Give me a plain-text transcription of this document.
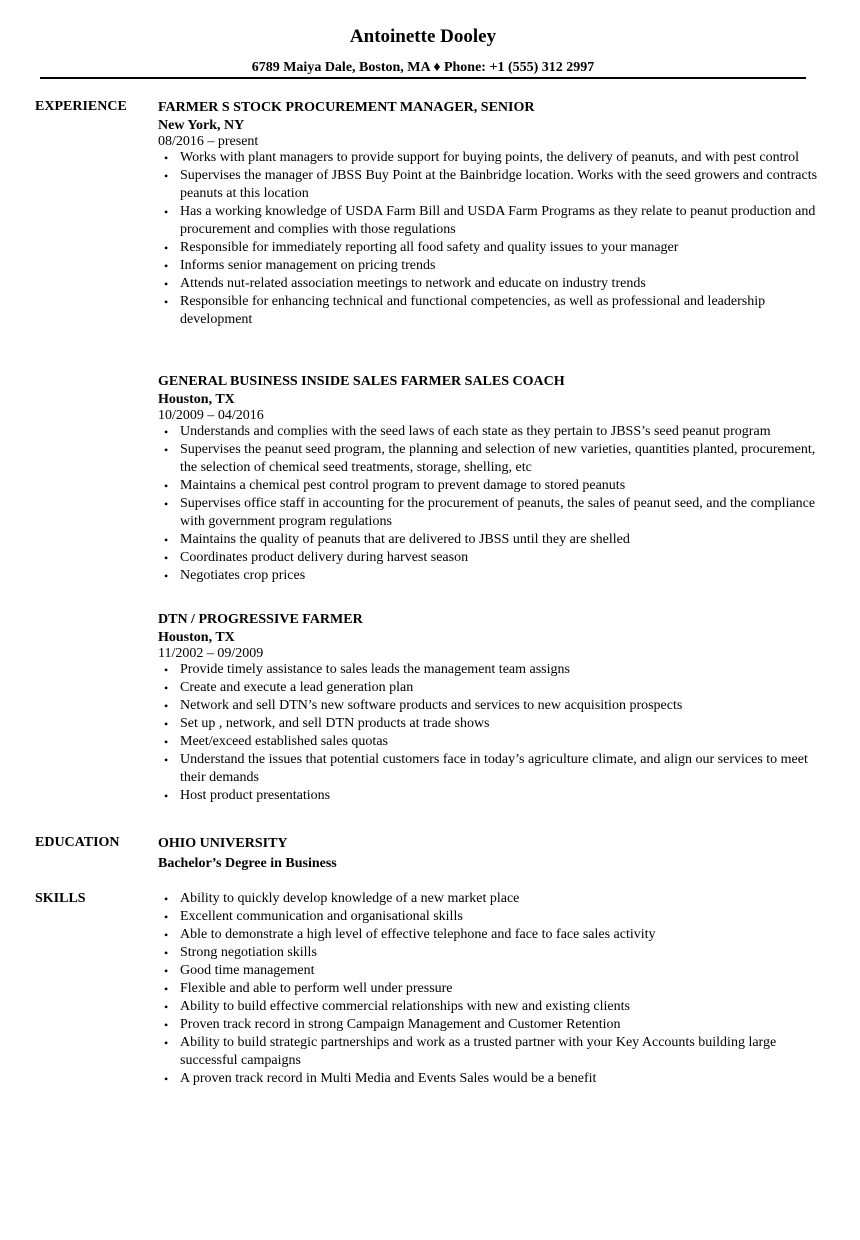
Antoinette Dooley
6789 Maiya Dale, Boston, MA ♦ Phone: +1 (555) 312 2997
EXPERIENCE FARMER S STOCK PROCUREMENT MANAGER, SENIOR
New York, NY
08/2016 – present
• Works with plant managers to provide support for buying points, the delivery of peanuts, and with pest control
• Supervises the manager of JBSS Buy Point at the Bainbridge location. Works with the seed growers and contracts peanuts at this location
• Has a working knowledge of USDA Farm Bill and USDA Farm Programs as they relate to peanut production and procurement and complies with those regulations
• Responsible for immediately reporting all food safety and quality issues to your manager
• Informs senior management on pricing trends
• Attends nut-related association meetings to network and educate on industry trends
• Responsible for enhancing technical and functional competencies, as well as professional and leadership development
GENERAL BUSINESS INSIDE SALES FARMER SALES COACH
Houston, TX
10/2009 – 04/2016
• Understands and complies with the seed laws of each state as they pertain to JBSS’s seed peanut program
• Supervises the peanut seed program, the planning and selection of new varieties, quantities planted, procurement, the selection of chemical seed treatments, storage, shelling, etc
• Maintains a chemical pest control program to prevent damage to stored peanuts
• Supervises office staff in accounting for the procurement of peanuts, the sales of peanut seed, and the compliance with government program regulations
• Maintains the quality of peanuts that are delivered to JBSS until they are shelled
• Coordinates product delivery during harvest season
• Negotiates crop prices
DTN / PROGRESSIVE FARMER
Houston, TX
11/2002 – 09/2009
• Provide timely assistance to sales leads the management team assigns
• Create and execute a lead generation plan
• Network and sell DTN’s new software products and services to new acquisition prospects
• Set up , network, and sell DTN products at trade shows
• Meet/exceed established sales quotas
• Understand the issues that potential customers face in today’s agriculture climate, and align our services to meet their demands
• Host product presentations
EDUCATION	OHIO UNIVERSITY
Bachelor’s Degree in Business
SKILLS	• Ability to quickly develop knowledge of a new market place
• Excellent communication and organisational skills
• Able to demonstrate a high level of effective telephone and face to face sales activity
• Strong negotiation skills
• Good time management
• Flexible and able to perform well under pressure
• Ability to build effective commercial relationships with new and existing clients
• Proven track record in strong Campaign Management and Customer Retention
• Ability to build strategic partnerships and work as a trusted partner with your Key Accounts building large successful campaigns
• A proven track record in Multi Media and Events Sales would be a benefit
